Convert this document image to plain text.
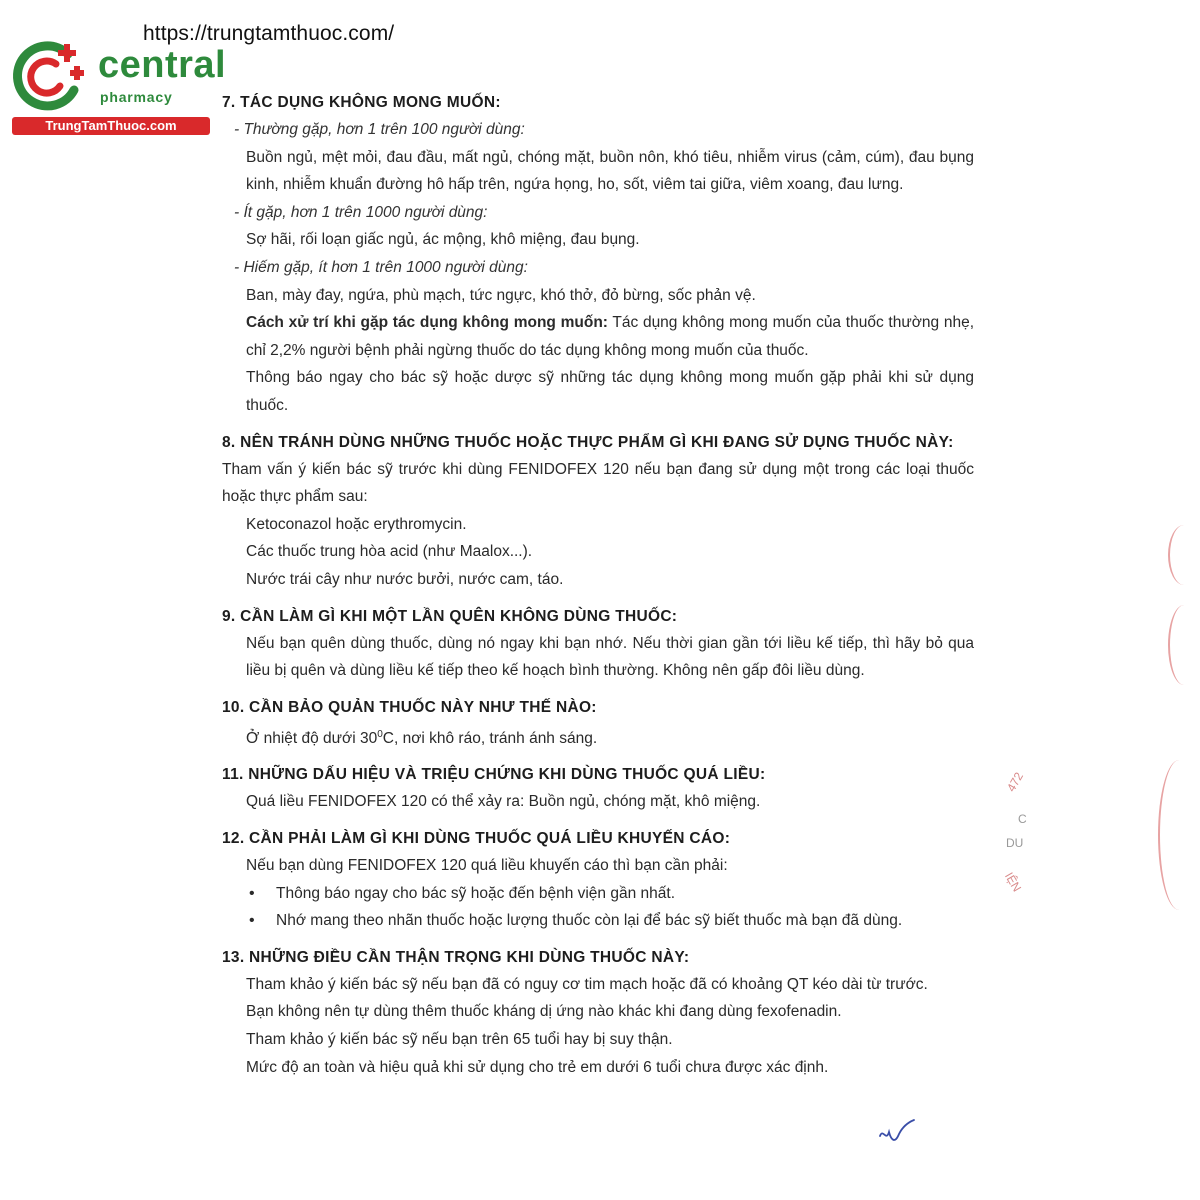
https://trungtamthuoc.com/
central
pharmacy
TrungTamThuoc.com
7. TÁC DỤNG KHÔNG MONG MUỐN:
- Thường gặp, hơn 1 trên 100 người dùng:
Buồn ngủ, mệt mỏi, đau đầu, mất ngủ, chóng mặt, buồn nôn, khó tiêu, nhiễm virus (cảm, cúm), đau bụng kinh, nhiễm khuẩn đường hô hấp trên, ngứa họng, ho, sốt, viêm tai giữa, viêm xoang, đau lưng.
- Ít gặp, hơn 1 trên 1000 người dùng:
Sợ hãi, rối loạn giấc ngủ, ác mộng, khô miệng, đau bụng.
- Hiếm gặp, ít hơn 1 trên 1000 người dùng:
Ban, mày đay, ngứa, phù mạch, tức ngực, khó thở, đỏ bừng, sốc phản vệ.
Cách xử trí khi gặp tác dụng không mong muốn: Tác dụng không mong muốn của thuốc thường nhẹ, chỉ 2,2% người bệnh phải ngừng thuốc do tác dụng không mong muốn của thuốc.
Thông báo ngay cho bác sỹ hoặc dược sỹ những tác dụng không mong muốn gặp phải khi sử dụng thuốc.
8. NÊN TRÁNH DÙNG NHỮNG THUỐC HOẶC THỰC PHẨM GÌ KHI ĐANG SỬ DỤNG THUỐC NÀY:
Tham vấn ý kiến bác sỹ trước khi dùng FENIDOFEX 120 nếu bạn đang sử dụng một trong các loại thuốc hoặc thực phẩm sau:
Ketoconazol hoặc erythromycin.
Các thuốc trung hòa acid (như Maalox...).
Nước trái cây như nước bưởi, nước cam, táo.
9. CẦN LÀM GÌ KHI MỘT LẦN QUÊN KHÔNG DÙNG THUỐC:
Nếu bạn quên dùng thuốc, dùng nó ngay khi bạn nhớ. Nếu thời gian gần tới liều kế tiếp, thì hãy bỏ qua liều bị quên và dùng liều kế tiếp theo kế hoạch bình thường. Không nên gấp đôi liều dùng.
10. CẦN BẢO QUẢN THUỐC NÀY NHƯ THẾ NÀO:
Ở nhiệt độ dưới $30^0C$, nơi khô ráo, tránh ánh sáng.
11. NHỮNG DẤU HIỆU VÀ TRIỆU CHỨNG KHI DÙNG THUỐC QUÁ LIỀU:
Quá liều FENIDOFEX 120 có thể xảy ra: Buồn ngủ, chóng mặt, khô miệng.
12. CẦN PHẢI LÀM GÌ KHI DÙNG THUỐC QUÁ LIỀU KHUYẾN CÁO:
Nếu bạn dùng FENIDOFEX 120 quá liều khuyến cáo thì bạn cần phải:
• Thông báo ngay cho bác sỹ hoặc đến bệnh viện gần nhất.
• Nhớ mang theo nhãn thuốc hoặc lượng thuốc còn lại để bác sỹ biết thuốc mà bạn đã dùng.
13. NHỮNG ĐIỀU CẦN THẬN TRỌNG KHI DÙNG THUỐC NÀY:
Tham khảo ý kiến bác sỹ nếu bạn đã có nguy cơ tim mạch hoặc đã có khoảng QT kéo dài từ trước.
Bạn không nên tự dùng thêm thuốc kháng dị ứng nào khác khi đang dùng fexofenadin.
Tham khảo ý kiến bác sỹ nếu bạn trên 65 tuổi hay bị suy thận.
Mức độ an toàn và hiệu quả khi sử dụng cho trẻ em dưới 6 tuổi chưa được xác định.
472
C
DU
IỆN
